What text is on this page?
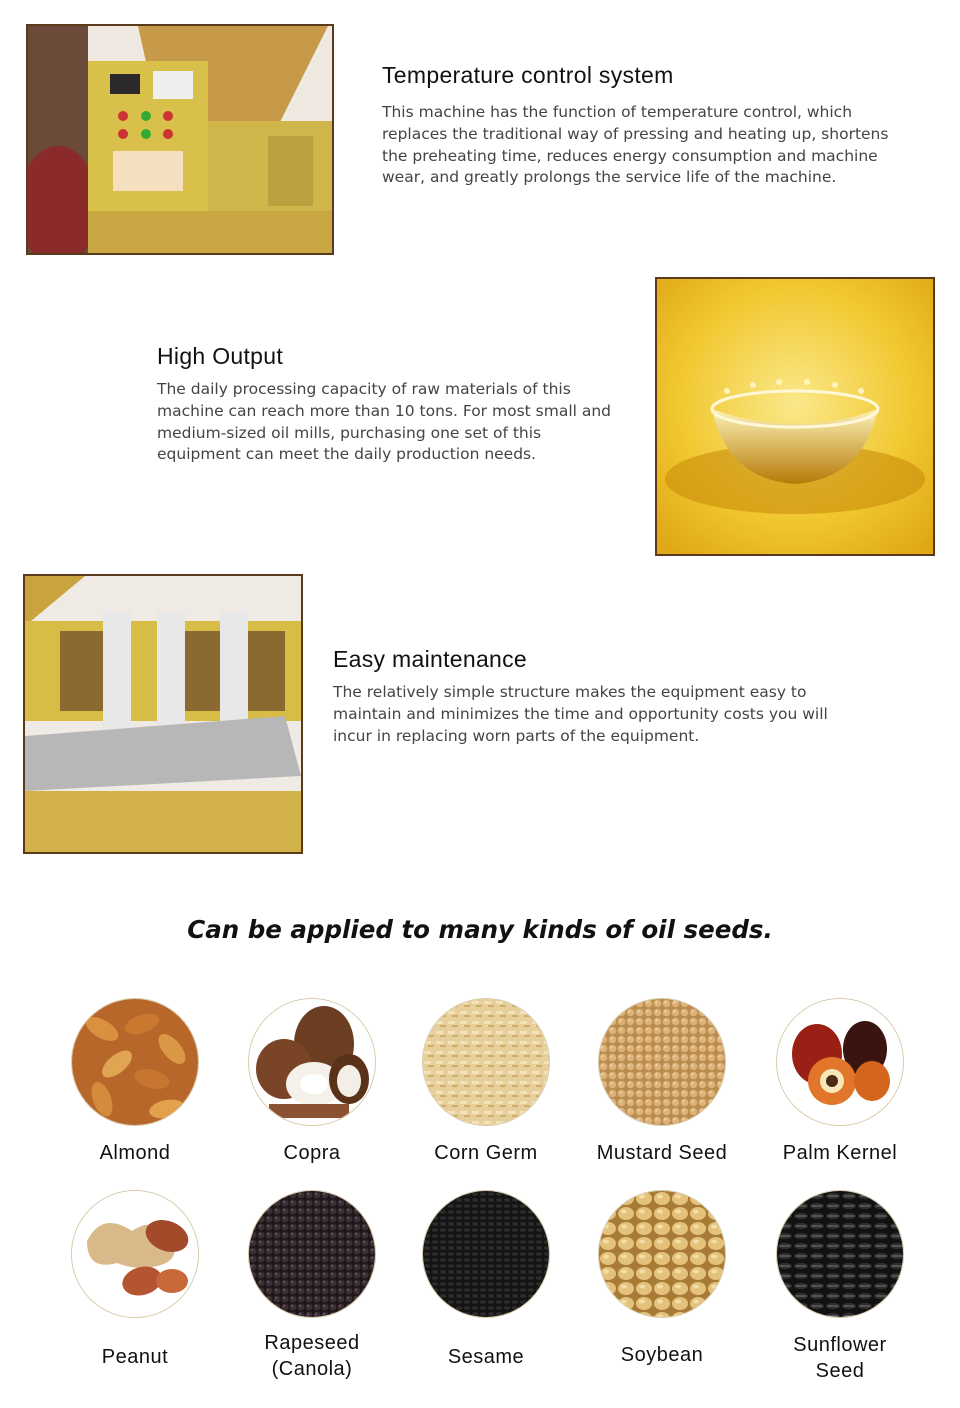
Temperature control system

This machine has the function of temperature control, which replaces the traditional way of pressing and heating up, shortens the preheating time, reduces energy consumption and machine wear, and greatly prolongs the service life of the machine.

High Output

The daily processing capacity of raw materials of this machine can reach more than 10 tons. For most small and medium-sized oil mills, purchasing one set of this equipment can meet the daily production needs.

Easy maintenance

The relatively simple structure makes the equipment easy to maintain and minimizes the time and opportunity costs you will incur in replacing worn parts of the equipment.

Can be applied to many kinds of oil seeds.
Almond	Copra	Corn Germ	Mustard Seed	Palm Kernel
Peanut
Rapeseed
(Canola)
Sesame	Soybean	Sunflower
Seed
